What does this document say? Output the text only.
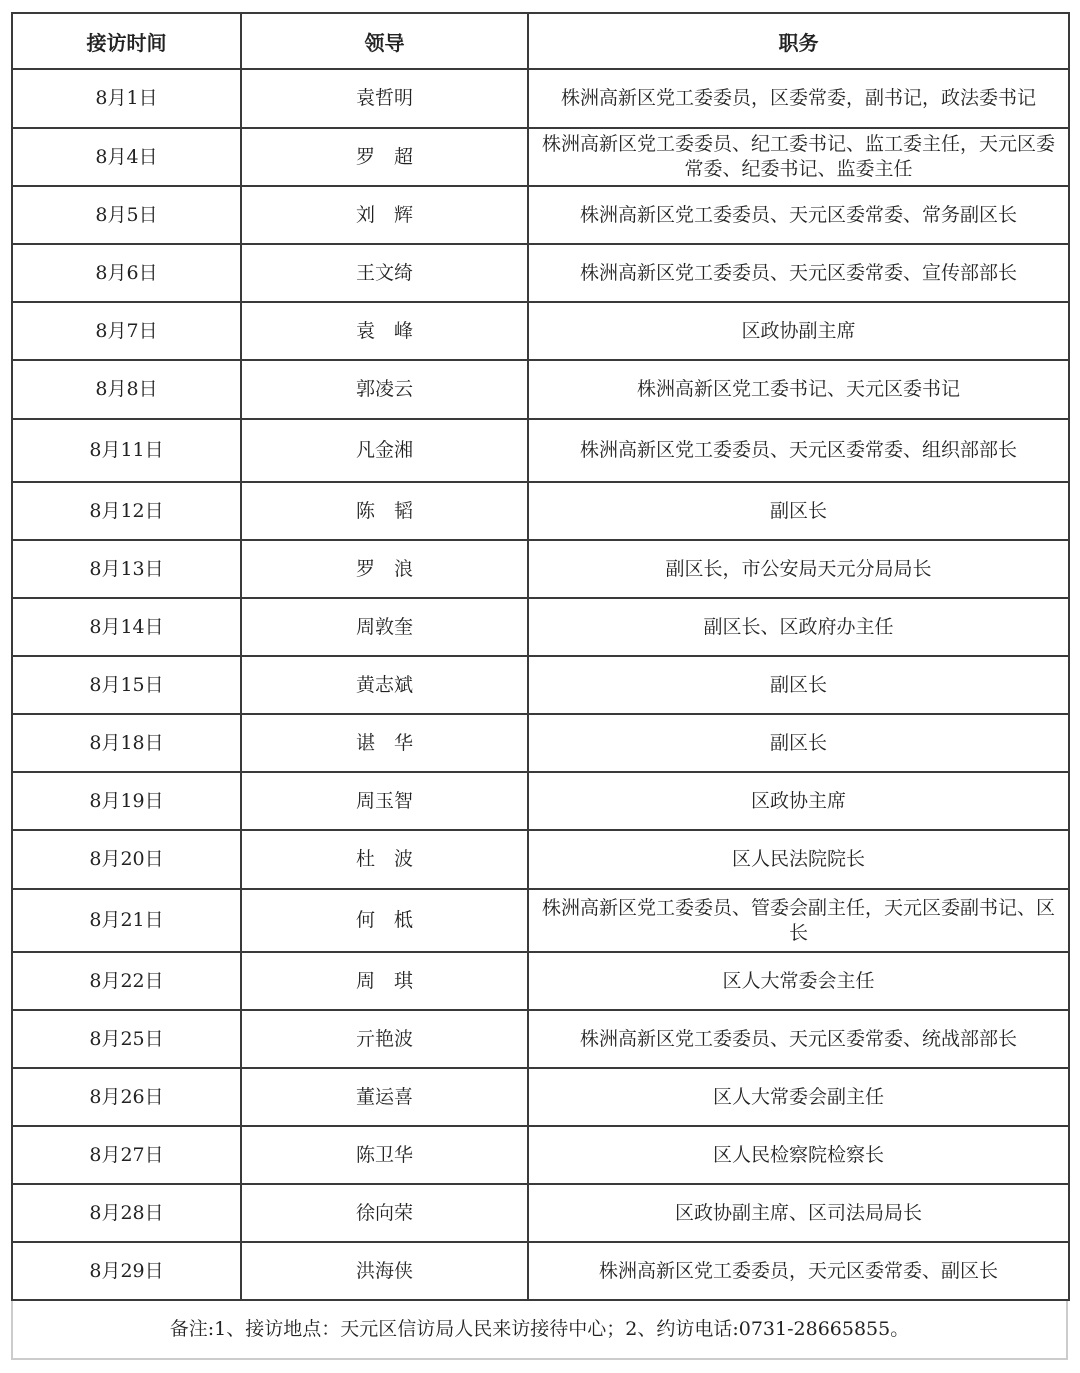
接访时间	领导	职务
8月1日	袁哲明	株洲高新区党工委委员，区委常委，副书记，政法委书记
8月4日	罗　超	株洲高新区党工委委员、纪工委书记、监工委主任，天元区委常委、纪委书记、监委主任
8月5日	刘　辉	株洲高新区党工委委员、天元区委常委、常务副区长
8月6日	王文绮	株洲高新区党工委委员、天元区委常委、宣传部部长
8月7日	袁　峰	区政协副主席
8月8日	郭凌云	株洲高新区党工委书记、天元区委书记
8月11日	凡金湘	株洲高新区党工委委员、天元区委常委、组织部部长
8月12日	陈　韬	副区长
8月13日	罗　浪	副区长，市公安局天元分局局长
8月14日	周敦奎	副区长、区政府办主任
8月15日	黄志斌	副区长
8月18日	谌　华	副区长
8月19日	周玉智	区政协主席
8月20日	杜　波	区人民法院院长
8月21日	何　柢	株洲高新区党工委委员、管委会副主任，天元区委副书记、区长
8月22日	周　琪	区人大常委会主任
8月25日	亓艳波	株洲高新区党工委委员、天元区委常委、统战部部长
8月26日	董运喜	区人大常委会副主任
8月27日	陈卫华	区人民检察院检察长
8月28日	徐向荣	区政协副主席、区司法局局长
8月29日	洪海侠	株洲高新区党工委委员，天元区委常委、副区长
备注:1、接访地点：天元区信访局人民来访接待中心；2、约访电话:0731-28665855。
